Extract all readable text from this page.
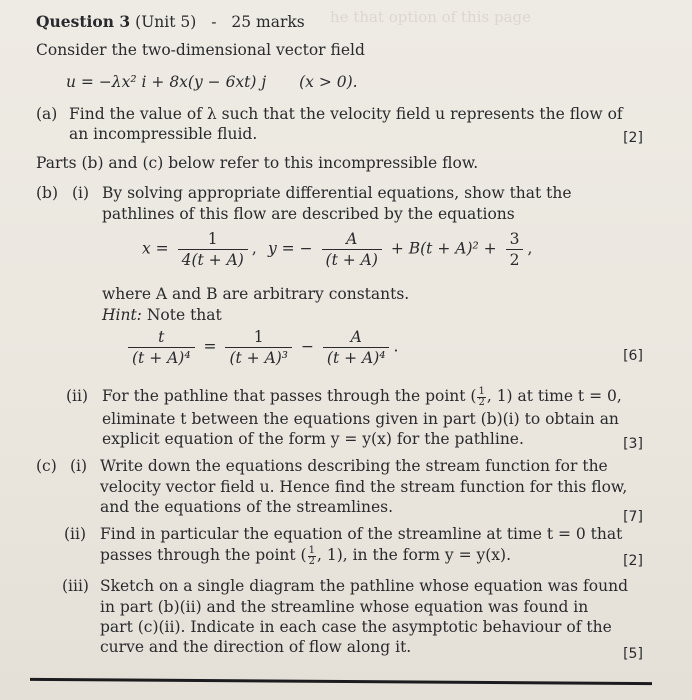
he that option of this page
Question 3 (Unit 5) - 25 marks
Consider the two-dimensional vector field
u = −λx² i + 8x(y − 6xt) j (x > 0).
(a) Find the value of λ such that the velocity field u represents the flow of
an incompressible fluid.	[2]
Parts (b) and (c) below refer to this incompressible flow.
(b) (i) By solving appropriate differential equations, show that the
pathlines of this flow are described by the equations
$x = \frac{1}{4(t + A)}$ , y = − $\frac{A}{(t + A)} + B(t + A)^2 + \frac{3}{2}$ ,
where A and B are arbitrary constants.
Hint: Note that
$\frac{t}{\text{(t + A)⁴}} = \frac{1}{\text{(t + A)³}} - \frac{A}{\text{(t + A)⁴}}$ .
[6]
(ii) For the pathline that passes through the point ( $\frac{1}{2}$ , 1) at time t = 0,
eliminate t between the equations given in part (b)(i) to obtain an
explicit equation of the form y = y(x) for the pathline.	[3]
(c) (i) Write down the equations describing the stream function for the
velocity vector field u. Hence find the stream function for this flow,
and the equations of the streamlines.
[7]
(ii) Find in particular the equation of the streamline at time t = 0 that
passes through the point ( $\frac{1}{2}$ , 1), in the form y = y(x).	[2]
(iii) Sketch on a single diagram the pathline whose equation was found
in part (b)(ii) and the streamline whose equation was found in
part (c)(ii). Indicate in each case the asymptotic behaviour of the
curve and the direction of flow along it.	[5]
